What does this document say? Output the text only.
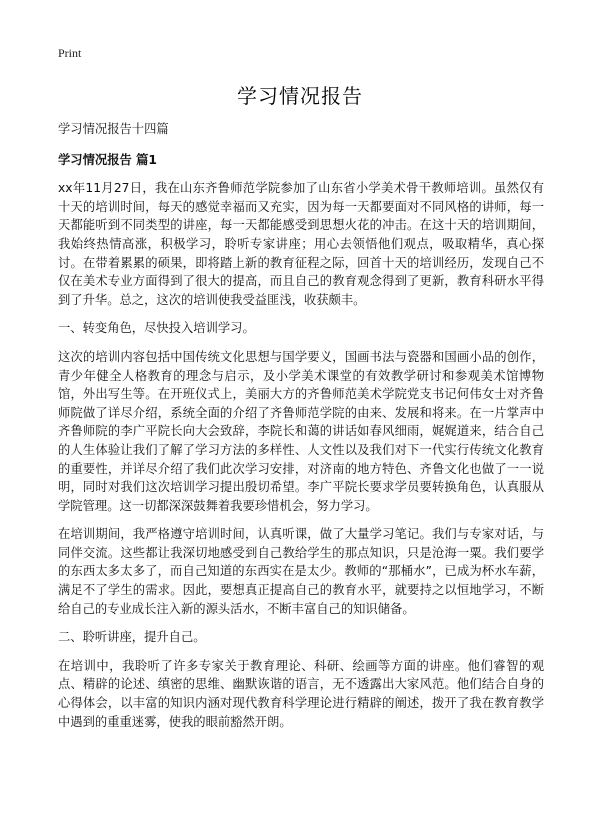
Print
学习情况报告

学习情况报告十四篇

学习情况报告 篇1

xx年11月27日，我在山东齐鲁师范学院参加了山东省小学美术骨干教师培训。虽然仅有十天的培训时间，每天的感觉幸福而又充实，因为每一天都要面对不同风格的讲师，每一天都能听到不同类型的讲座，每一天都能感受到思想火花的冲击。在这十天的培训期间，我始终热情高涨，积极学习，聆听专家讲座；用心去领悟他们观点，吸取精华，真心探讨。在带着累累的硕果，即将踏上新的教育征程之际，回首十天的培训经历，发现自己不仅在美术专业方面得到了很大的提高，而且自己的教育观念得到了更新，教育科研水平得到了升华。总之，这次的培训使我受益匪浅，收获颇丰。

一、转变角色，尽快投入培训学习。

这次的培训内容包括中国传统文化思想与国学要义，国画书法与瓷器和国画小品的创作，青少年健全人格教育的理念与启示，及小学美术课堂的有效教学研讨和参观美术馆博物馆，外出写生等。在开班仪式上，美丽大方的齐鲁师范美术学院党支书记何伟女士对齐鲁师院做了详尽介绍，系统全面的介绍了齐鲁师范学院的由来、发展和将来。在一片掌声中齐鲁师院的李广平院长向大会致辞，李院长和蔼的讲话如春风细雨，娓娓道来，结合自己的人生体验让我们了解了学习方法的多样性、人文性以及我们对下一代实行传统文化教育的重要性，并详尽介绍了我们此次学习安排，对济南的地方特色、齐鲁文化也做了一一说明，同时对我们这次培训学习提出殷切希望。李广平院长要求学员要转换角色，认真服从学院管理。这一切都深深鼓舞着我要珍惜机会，努力学习。

在培训期间，我严格遵守培训时间，认真听课，做了大量学习笔记。我们与专家对话，与同伴交流。这些都让我深切地感受到自己教给学生的那点知识，只是沧海一粟。我们要学的东西太多太多了，而自己知道的东西实在是太少。教师的“那桶水”，已成为杯水车薪，满足不了学生的需求。因此，要想真正提高自己的教育水平，就要持之以恒地学习，不断给自己的专业成长注入新的源头活水，不断丰富自己的知识储备。

二、聆听讲座，提升自己。

在培训中，我聆听了许多专家关于教育理论、科研、绘画等方面的讲座。他们睿智的观点、精辟的论述、缜密的思维、幽默诙谐的语言，无不透露出大家风范。他们结合自身的心得体会，以丰富的知识内涵对现代教育科学理论进行精辟的阐述，拨开了我在教育教学中遇到的重重迷雾，使我的眼前豁然开朗。
